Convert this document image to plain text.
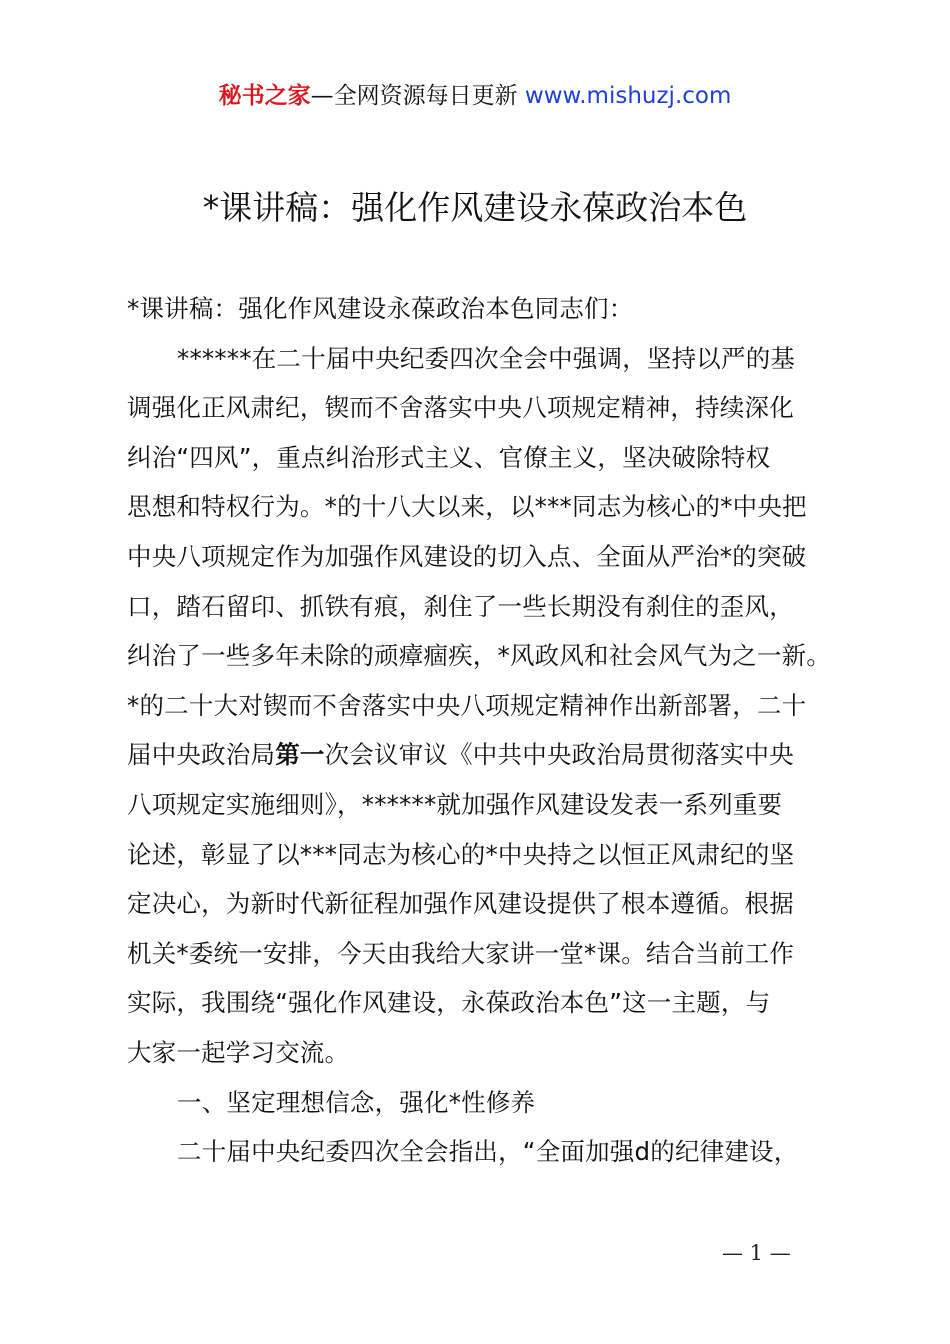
秘书之家—全网资源每日更新 www.mishuzj.com
*课讲稿：强化作风建设永葆政治本色
*课讲稿：强化作风建设永葆政治本色同志们：
******在二十届中央纪委四次全会中强调，坚持以严的基
调强化正风肃纪，锲而不舍落实中央八项规定精神，持续深化
纠治“四风”，重点纠治形式主义、官僚主义，坚决破除特权
思想和特权行为。*的十八大以来，以***同志为核心的*中央把
中央八项规定作为加强作风建设的切入点、全面从严治*的突破
口，踏石留印、抓铁有痕，刹住了一些长期没有刹住的歪风，
纠治了一些多年未除的顽瘴痼疾，*风政风和社会风气为之一新。
*的二十大对锲而不舍落实中央八项规定精神作出新部署，二十
届中央政治局第一次会议审议《中共中央政治局贯彻落实中央
八项规定实施细则》，******就加强作风建设发表一系列重要
论述，彰显了以***同志为核心的*中央持之以恒正风肃纪的坚
定决心，为新时代新征程加强作风建设提供了根本遵循。根据
机关*委统一安排，今天由我给大家讲一堂*课。结合当前工作
实际，我围绕“强化作风建设，永葆政治本色”这一主题，与
大家一起学习交流。
一、坚定理想信念，强化*性修养
二十届中央纪委四次全会指出，“全面加强d的纪律建设，
— 1 —
